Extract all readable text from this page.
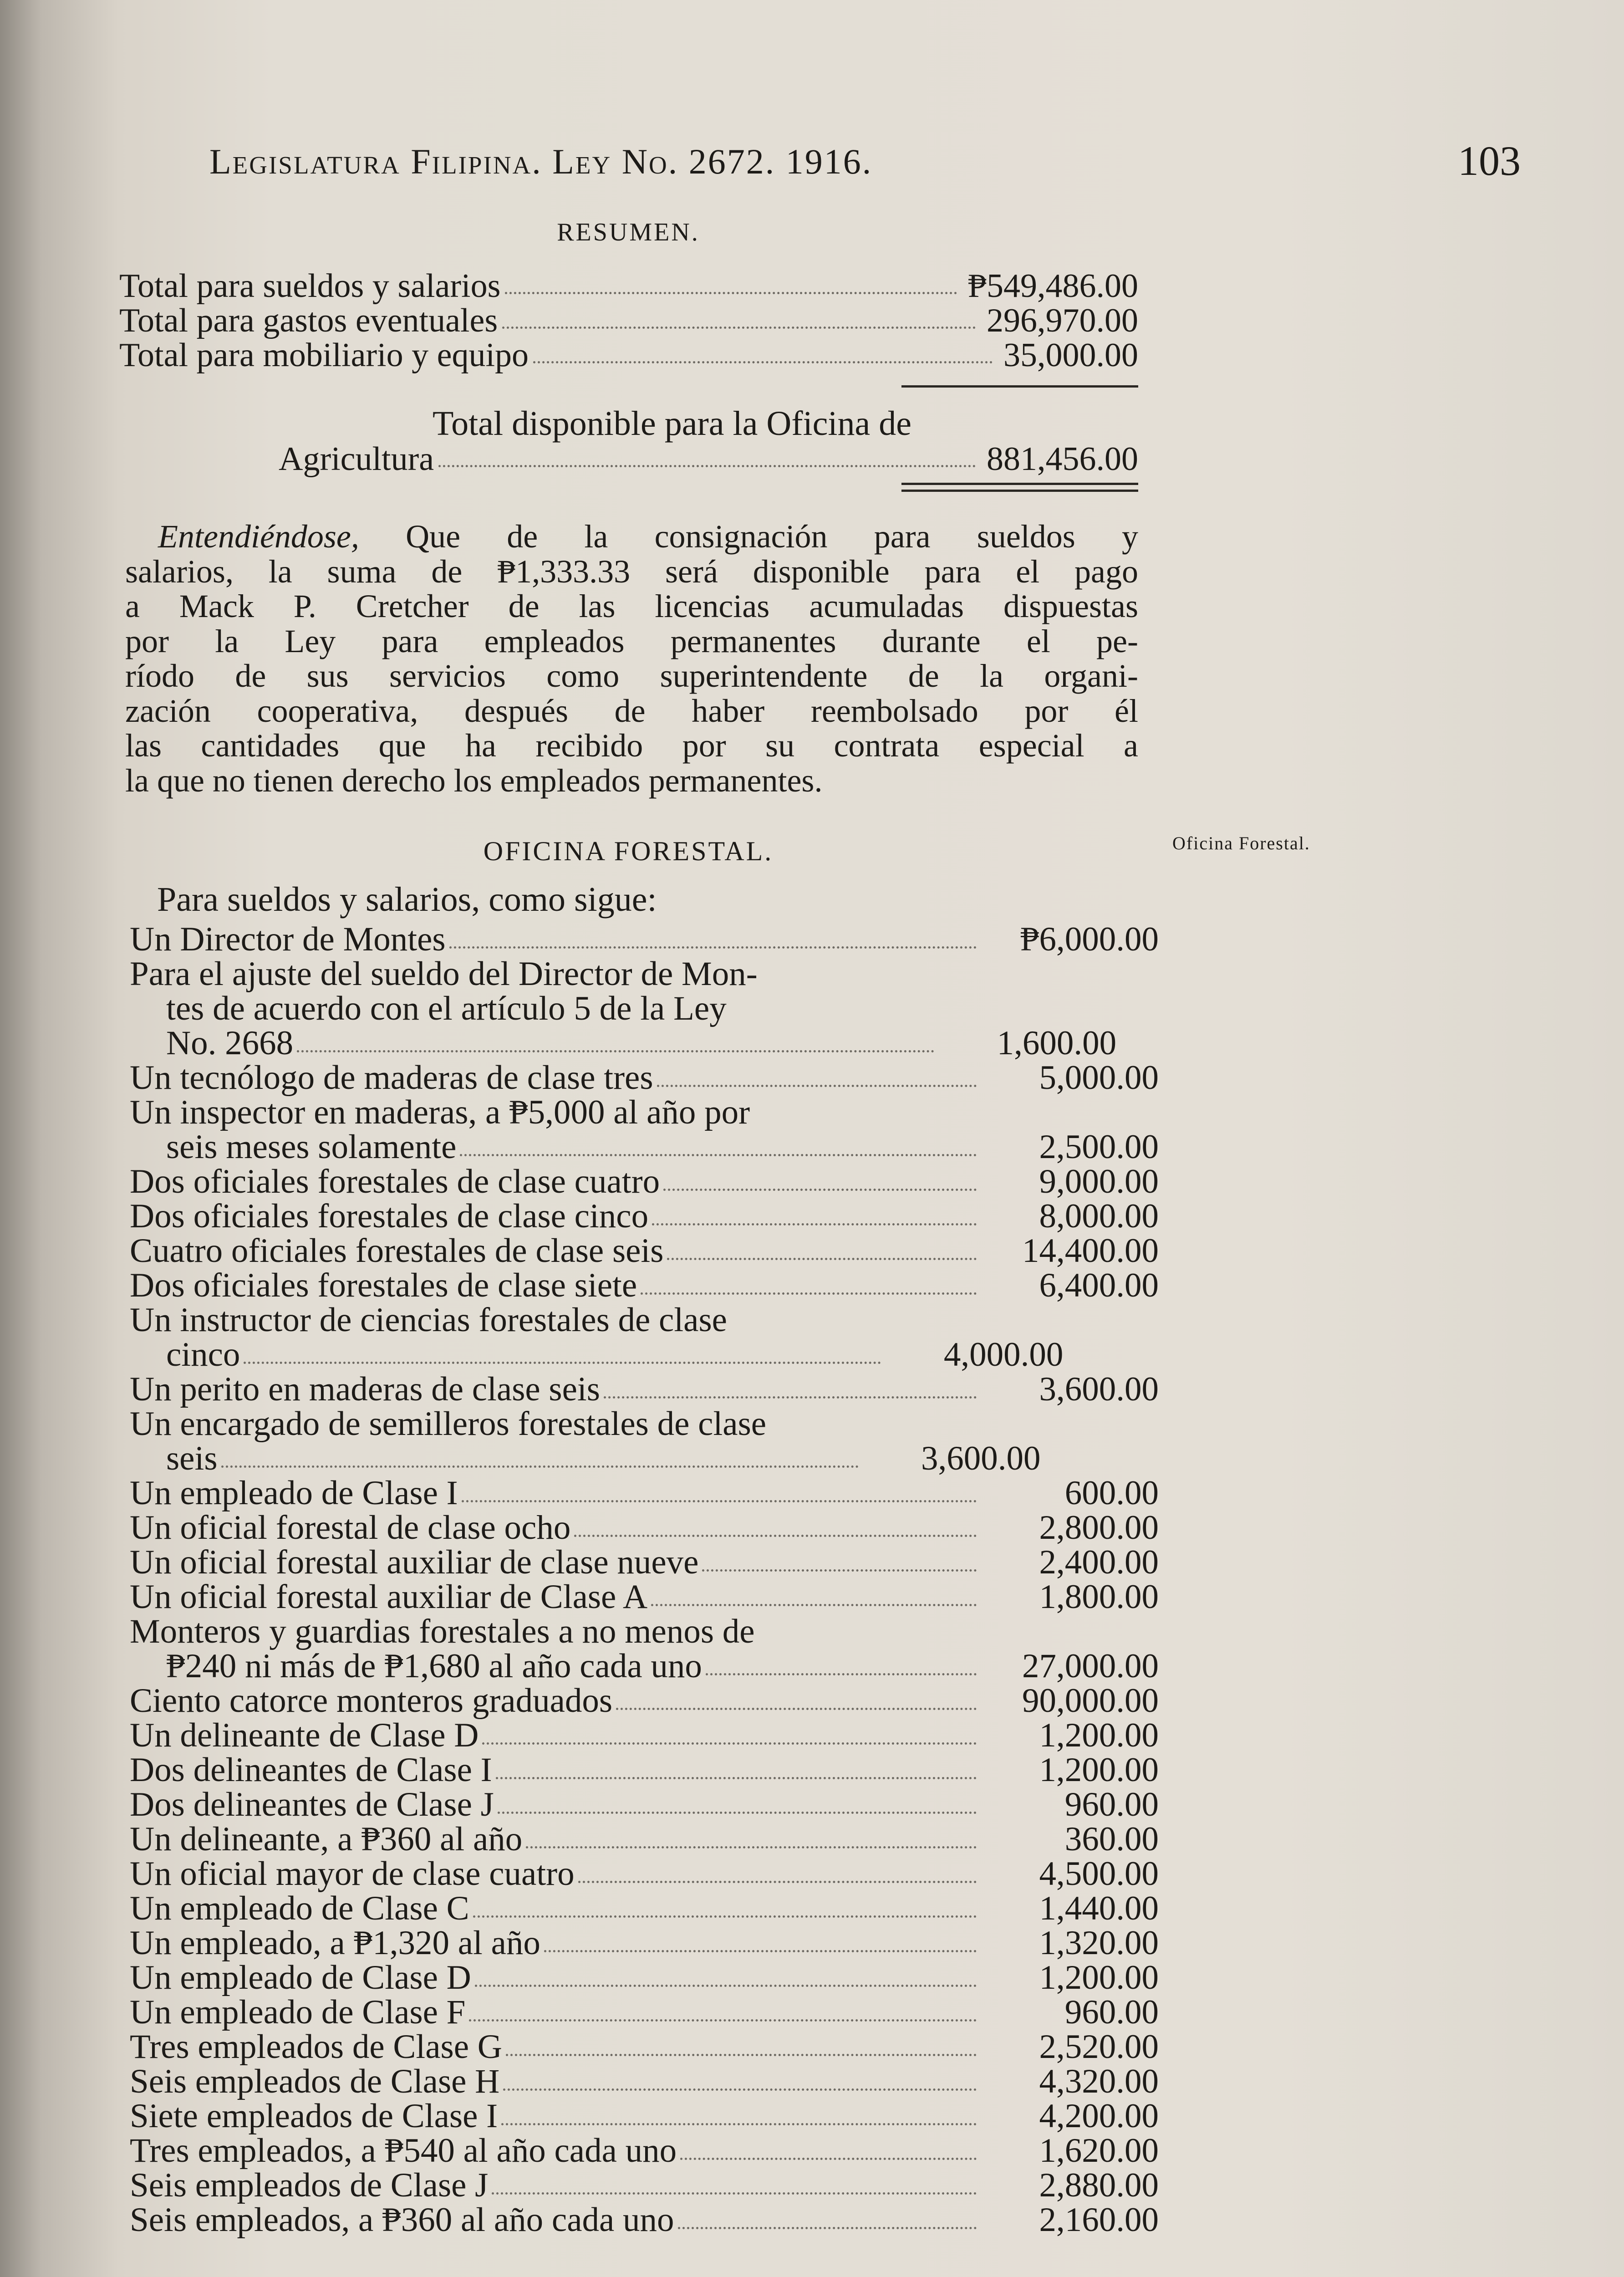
Legislatura Filipina. Ley No. 2672. 1916.	103
RESUMEN.
Total para sueldos y salarios	₱549,486.00
Total para gastos eventuales	296,970.00
Total para mobiliario y equipo	35,000.00
Total disponible para la Oficina de
Agricultura	881,456.00
Entendiéndose, Que de la consignación para sueldos y
salarios, la suma de ₱1,333.33 será disponible para el pago
a Mack P. Cretcher de las licencias acumuladas dispuestas
por la Ley para empleados permanentes durante el pe-
ríodo de sus servicios como superintendente de la organi-
zación cooperativa, después de haber reembolsado por él
las cantidades que ha recibido por su contrata especial a
la que no tienen derecho los empleados permanentes.
OFICINA FORESTAL.	Oficina Forestal.
Para sueldos y salarios, como sigue:
Un Director de Montes	₱6,000.00
Para el ajuste del sueldo del Director de Mon-
tes de acuerdo con el artículo 5 de la Ley
No. 2668	1,600.00
Un tecnólogo de maderas de clase tres	5,000.00
Un inspector en maderas, a ₱5,000 al año por
seis meses solamente	2,500.00
Dos oficiales forestales de clase cuatro	9,000.00
Dos oficiales forestales de clase cinco	8,000.00
Cuatro oficiales forestales de clase seis	14,400.00
Dos oficiales forestales de clase siete	6,400.00
Un instructor de ciencias forestales de clase
cinco	4,000.00
Un perito en maderas de clase seis	3,600.00
Un encargado de semilleros forestales de clase
seis	3,600.00
Un empleado de Clase I	600.00
Un oficial forestal de clase ocho	2,800.00
Un oficial forestal auxiliar de clase nueve	2,400.00
Un oficial forestal auxiliar de Clase A	1,800.00
Monteros y guardias forestales a no menos de
₱240 ni más de ₱1,680 al año cada uno	27,000.00
Ciento catorce monteros graduados	90,000.00
Un delineante de Clase D	1,200.00
Dos delineantes de Clase I	1,200.00
Dos delineantes de Clase J	960.00
Un delineante, a ₱360 al año	360.00
Un oficial mayor de clase cuatro	4,500.00
Un empleado de Clase C	1,440.00
Un empleado, a ₱1,320 al año	1,320.00
Un empleado de Clase D	1,200.00
Un empleado de Clase F	960.00
Tres empleados de Clase G	2,520.00
Seis empleados de Clase H	4,320.00
Siete empleados de Clase I	4,200.00
Tres empleados, a ₱540 al año cada uno	1,620.00
Seis empleados de Clase J	2,880.00
Seis empleados, a ₱360 al año cada uno	2,160.00
